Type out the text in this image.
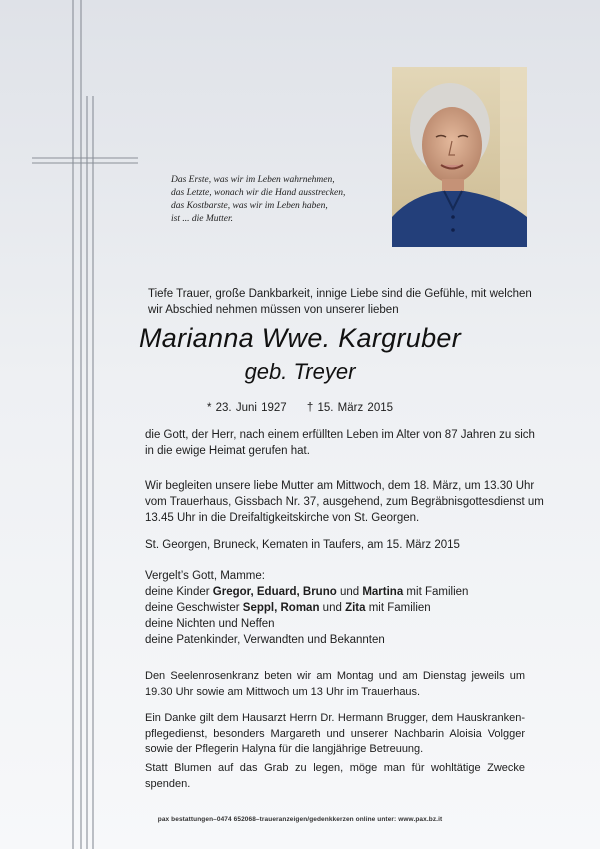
Das Erste, was wir im Leben wahrnehmen,
das Letzte, wonach wir die Hand ausstrecken,
das Kostbarste, was wir im Leben haben,
ist ... die Mutter.
Tiefe Trauer, große Dankbarkeit, innige Liebe sind die Gefühle, mit welchen
wir Abschied nehmen müssen von unserer lieben
Marianna Wwe. Kargruber
geb. Treyer
* 23. Juni 1927 † 15. März 2015
die Gott, der Herr, nach einem erfüllten Leben im Alter von 87 Jahren zu sich
in die ewige Heimat gerufen hat.
Wir begleiten unsere liebe Mutter am Mittwoch, dem 18. März, um 13.30 Uhr
vom Trauerhaus, Gissbach Nr. 37, ausgehend, zum Begräbnisgottesdienst um
13.45 Uhr in die Dreifaltigkeitskirche von St. Georgen.
St. Georgen, Bruneck, Kematen in Taufers, am 15. März 2015
Vergelt’s Gott, Mamme:
deine Kinder Gregor, Eduard, Bruno und Martina mit Familien
deine Geschwister Seppl, Roman und Zita mit Familien
deine Nichten und Neffen
deine Patenkinder, Verwandten und Bekannten
Den Seelenrosenkranz beten wir am Montag und am Dienstag jeweils um 19.30 Uhr sowie am Mittwoch um 13 Uhr im Trauerhaus.
Ein Danke gilt dem Hausarzt Herrn Dr. Hermann Brugger, dem Hauskrankenpflegedienst, besonders Margareth und unserer Nachbarin Aloisia Volgger sowie der Pflegerin Halyna für die langjährige Betreuung.
Statt Blumen auf das Grab zu legen, möge man für wohltätige Zwecke spenden.
pax bestattungen–0474 652068–traueranzeigen/gedenkkerzen online unter: www.pax.bz.it
